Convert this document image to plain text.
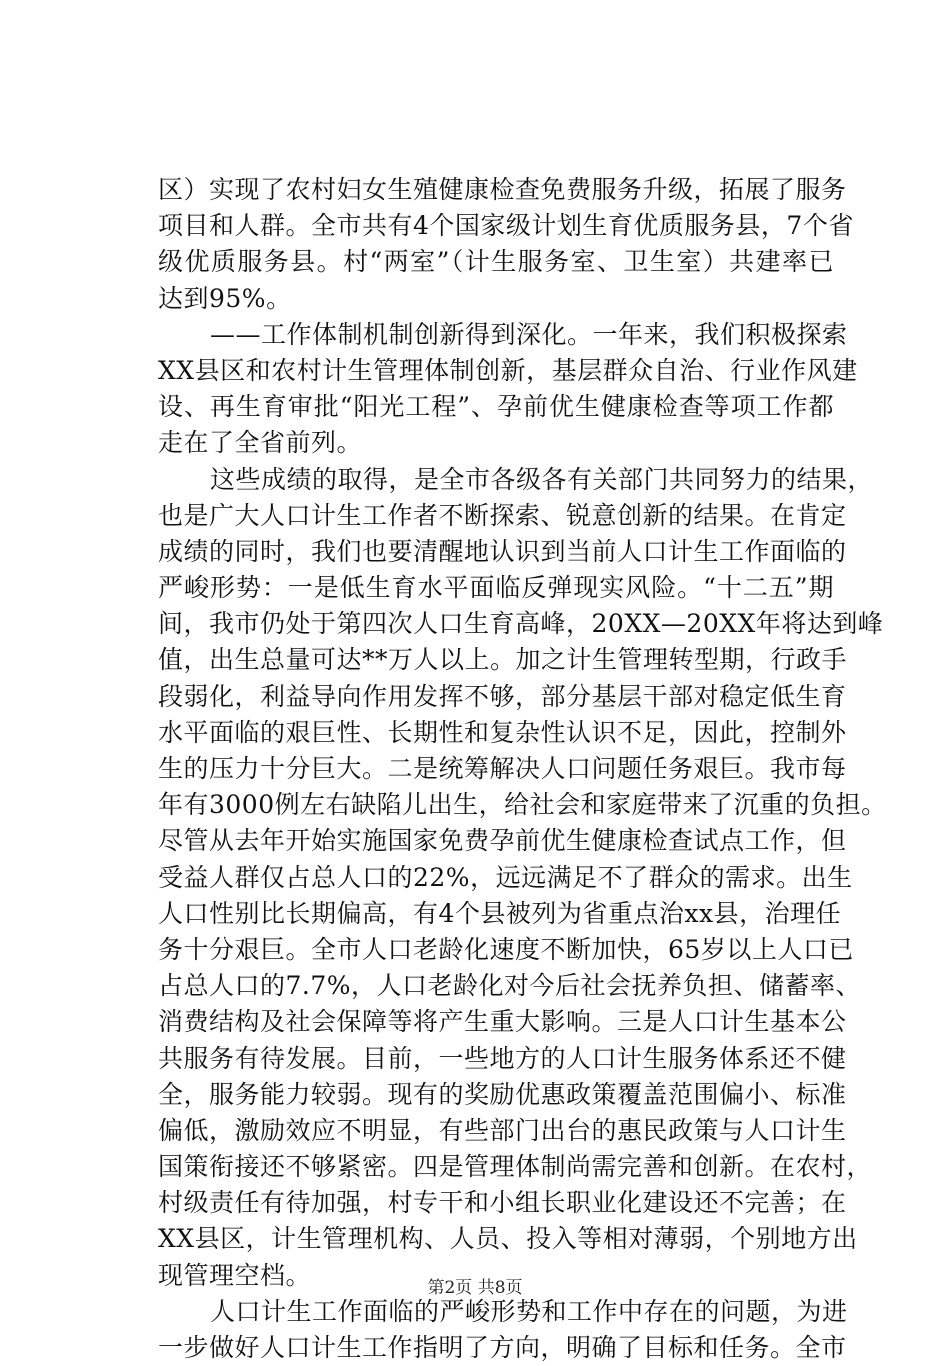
区）实现了农村妇女生殖健康检查免费服务升级，拓展了服务
项目和人群。全市共有4个国家级计划生育优质服务县，7个省
级优质服务县。村“两室”（计生服务室、卫生室）共建率已
达到95%。
——工作体制机制创新得到深化。一年来，我们积极探索
XX县区和农村计生管理体制创新，基层群众自治、行业作风建
设、再生育审批“阳光工程”、孕前优生健康检查等项工作都
走在了全省前列。
这些成绩的取得，是全市各级各有关部门共同努力的结果，
也是广大人口计生工作者不断探索、锐意创新的结果。在肯定
成绩的同时，我们也要清醒地认识到当前人口计生工作面临的
严峻形势：一是低生育水平面临反弹现实风险。“十二五”期
间，我市仍处于第四次人口生育高峰，20XX—20XX年将达到峰
值，出生总量可达**万人以上。加之计生管理转型期，行政手
段弱化，利益导向作用发挥不够，部分基层干部对稳定低生育
水平面临的艰巨性、长期性和复杂性认识不足，因此，控制外
生的压力十分巨大。二是统筹解决人口问题任务艰巨。我市每
年有3000例左右缺陷儿出生，给社会和家庭带来了沉重的负担。
尽管从去年开始实施国家免费孕前优生健康检查试点工作，但
受益人群仅占总人口的22%，远远满足不了群众的需求。出生
人口性别比长期偏高，有4个县被列为省重点治xx县，治理任
务十分艰巨。全市人口老龄化速度不断加快，65岁以上人口已
占总人口的7.7%，人口老龄化对今后社会抚养负担、储蓄率、
消费结构及社会保障等将产生重大影响。三是人口计生基本公
共服务有待发展。目前，一些地方的人口计生服务体系还不健
全，服务能力较弱。现有的奖励优惠政策覆盖范围偏小、标准
偏低，激励效应不明显，有些部门出台的惠民政策与人口计生
国策衔接还不够紧密。四是管理体制尚需完善和创新。在农村，
村级责任有待加强，村专干和小组长职业化建设还不完善；在
XX县区，计生管理机构、人员、投入等相对薄弱，个别地方出
现管理空档。
人口计生工作面临的严峻形势和工作中存在的问题，为进
一步做好人口计生工作指明了方向，明确了目标和任务。全市
第2页 共8页
